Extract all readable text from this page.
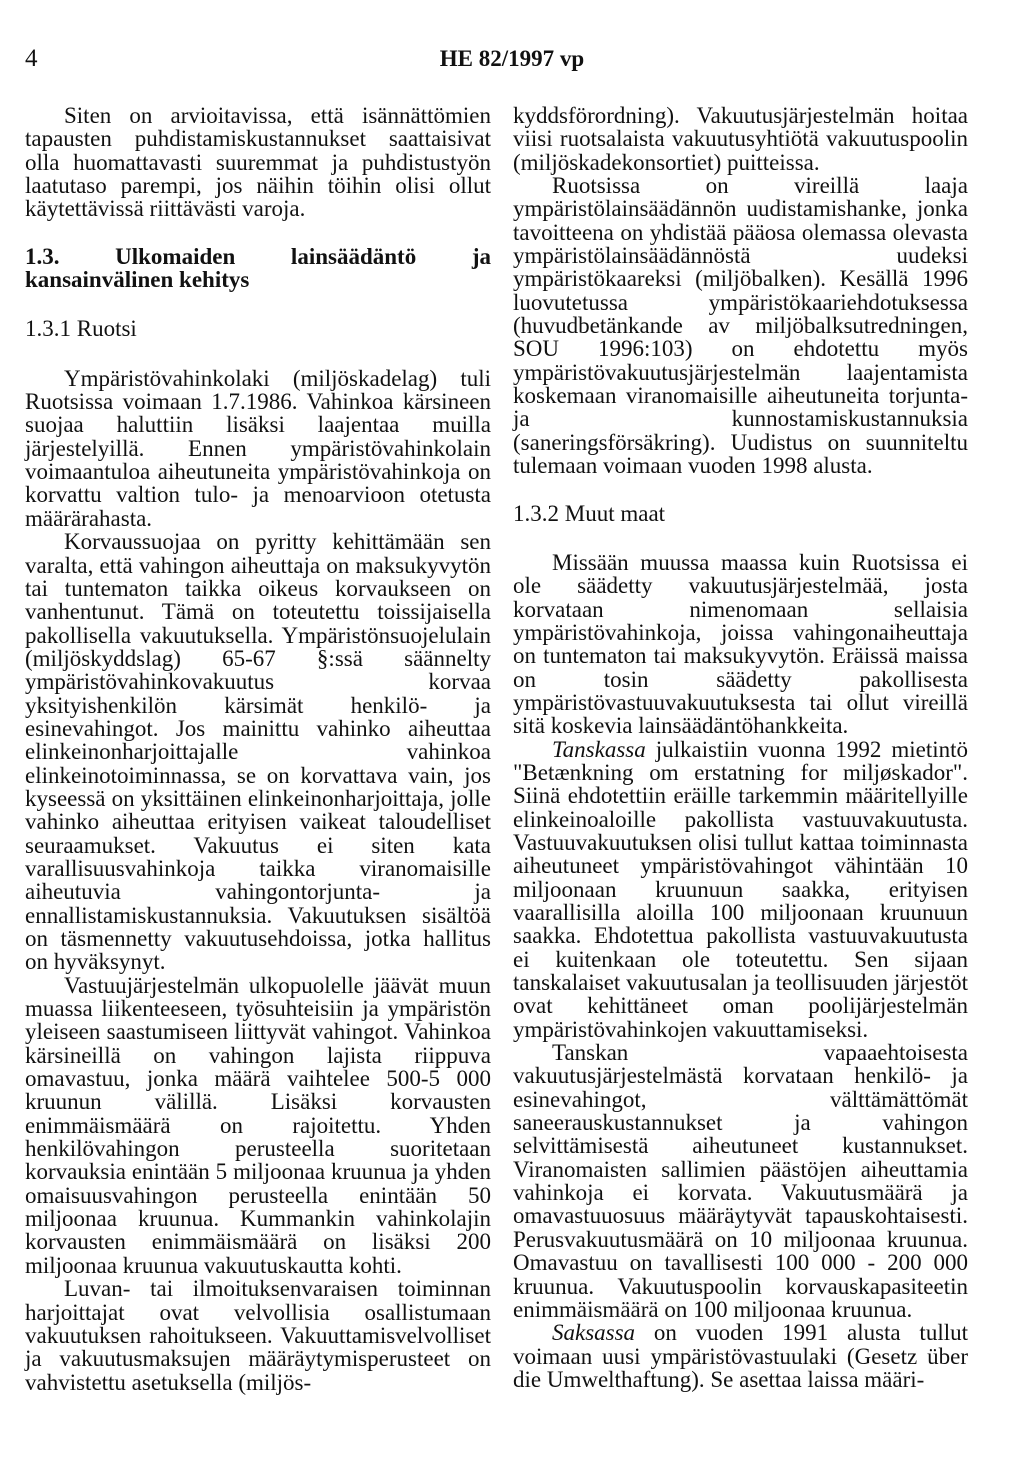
4	HE 82/1997 vp

Siten on arvioitavissa, että isännättömien tapausten puhdistamiskustannukset saattaisivat olla huomattavasti suuremmat ja puhdistustyön laatutaso parempi, jos näihin töihin olisi ollut käytettävissä riittävästi varoja.

1.3. Ulkomaiden lainsäädäntö ja kansainvälinen kehitys

1.3.1 Ruotsi

Ympäristövahinkolaki (miljöskadelag) tuli Ruotsissa voimaan 1.7.1986. Vahinkoa kärsineen suojaa haluttiin lisäksi laajentaa muilla järjestelyillä. Ennen ympäristövahinkolain voimaantuloa aiheutuneita ympäristövahinkoja on korvattu valtion tulo- ja menoarvioon otetusta määrärahasta.

Korvaussuojaa on pyritty kehittämään sen varalta, että vahingon aiheuttaja on maksukyvytön tai tuntematon taikka oikeus korvaukseen on vanhentunut. Tämä on toteutettu toissijaisella pakollisella vakuutuksella. Ympäristönsuojelulain (miljöskyddslag) 65-67 §:ssä säännelty ympäristövahinkovakuutus korvaa yksityishenkilön kärsimät henkilö- ja esinevahingot. Jos mainittu vahinko aiheuttaa elinkeinonharjoittajalle vahinkoa elinkeinotoiminnassa, se on korvattava vain, jos kyseessä on yksittäinen elinkeinonharjoittaja, jolle vahinko aiheuttaa erityisen vaikeat taloudelliset seuraamukset. Vakuutus ei siten kata varallisuusvahinkoja taikka viranomaisille aiheutuvia vahingontorjunta- ja ennallistamiskustannuksia. Vakuutuksen sisältöä on täsmennetty vakuutusehdoissa, jotka hallitus on hyväksynyt.

Vastuujärjestelmän ulkopuolelle jäävät muun muassa liikenteeseen, työsuhteisiin ja ympäristön yleiseen saastumiseen liittyvät vahingot. Vahinkoa kärsineillä on vahingon lajista riippuva omavastuu, jonka määrä vaihtelee 500-5 000 kruunun välillä. Lisäksi korvausten enimmäismäärä on rajoitettu. Yhden henkilövahingon perusteella suoritetaan korvauksia enintään 5 miljoonaa kruunua ja yhden omaisuusvahingon perusteella enintään 50 miljoonaa kruunua. Kummankin vahinkolajin korvausten enimmäismäärä on lisäksi 200 miljoonaa kruunua vakuutuskautta kohti.

Luvan- tai ilmoituksenvaraisen toiminnan harjoittajat ovat velvollisia osallistumaan vakuutuksen rahoitukseen. Vakuuttamisvelvolliset ja vakuutusmaksujen määräytymisperusteet on vahvistettu asetuksella (miljös-

kyddsförordning). Vakuutusjärjestelmän hoitaa viisi ruotsalaista vakuutusyhtiötä vakuutuspoolin (miljöskadekonsortiet) puitteissa.

Ruotsissa on vireillä laaja ympäristölainsäädännön uudistamishanke, jonka tavoitteena on yhdistää pääosa olemassa olevasta ympäristölainsäädännöstä uudeksi ympäristökaareksi (miljöbalken). Kesällä 1996 luovutetussa ympäristökaariehdotuksessa (huvudbetänkande av miljöbalksutredningen, SOU 1996:103) on ehdotettu myös ympäristövakuutusjärjestelmän laajentamista koskemaan viranomaisille aiheutuneita torjunta- ja kunnostamiskustannuksia (saneringsförsäkring). Uudistus on suunniteltu tulemaan voimaan vuoden 1998 alusta.

1.3.2 Muut maat

Missään muussa maassa kuin Ruotsissa ei ole säädetty vakuutusjärjestelmää, josta korvataan nimenomaan sellaisia ympäristövahinkoja, joissa vahingonaiheuttaja on tuntematon tai maksukyvytön. Eräissä maissa on tosin säädetty pakollisesta ympäristövastuuvakuutuksesta tai ollut vireillä sitä koskevia lainsäädäntöhankkeita.

Tanskassa julkaistiin vuonna 1992 mietintö "Betænkning om erstatning for miljøskador". Siinä ehdotettiin eräille tarkemmin määritellyille elinkeinoalоille pakollista vastuuvakuutusta. Vastuuvakuutuksen olisi tullut kattaa toiminnasta aiheutuneet ympäristövahingot vähintään 10 miljoonaan kruunuun saakka, erityisen vaarallisilla aloilla 100 miljoonaan kruunuun saakka. Ehdotettua pakollista vastuuvakuutusta ei kuitenkaan ole toteutettu. Sen sijaan tanskalaiset vakuutusalan ja teollisuuden järjestöt ovat kehittäneet oman poolijärjestelmän ympäristövahinkojen vakuuttamiseksi.

Tanskan vapaaehtoisesta vakuutusjärjestelmästä korvataan henkilö- ja esinevahingot, välttämättömät saneerauskustannukset ja vahingon selvittämisestä aiheutuneet kustannukset. Viranomaisten sallimien päästöjen aiheuttamia vahinkoja ei korvata. Vakuutusmäärä ja omavastuuosuus määräytyvät tapauskohtaisesti. Perusvakuutusmäärä on 10 miljoonaa kruunua. Omavastuu on tavallisesti 100 000 - 200 000 kruunua. Vakuutuspoolin korvauskapasiteetin enimmäismäärä on 100 miljoonaa kruunua.

Saksassa on vuoden 1991 alusta tullut voimaan uusi ympäristövastuulaki (Gesetz über die Umwelthaftung). Se asettaa laissa määri-
